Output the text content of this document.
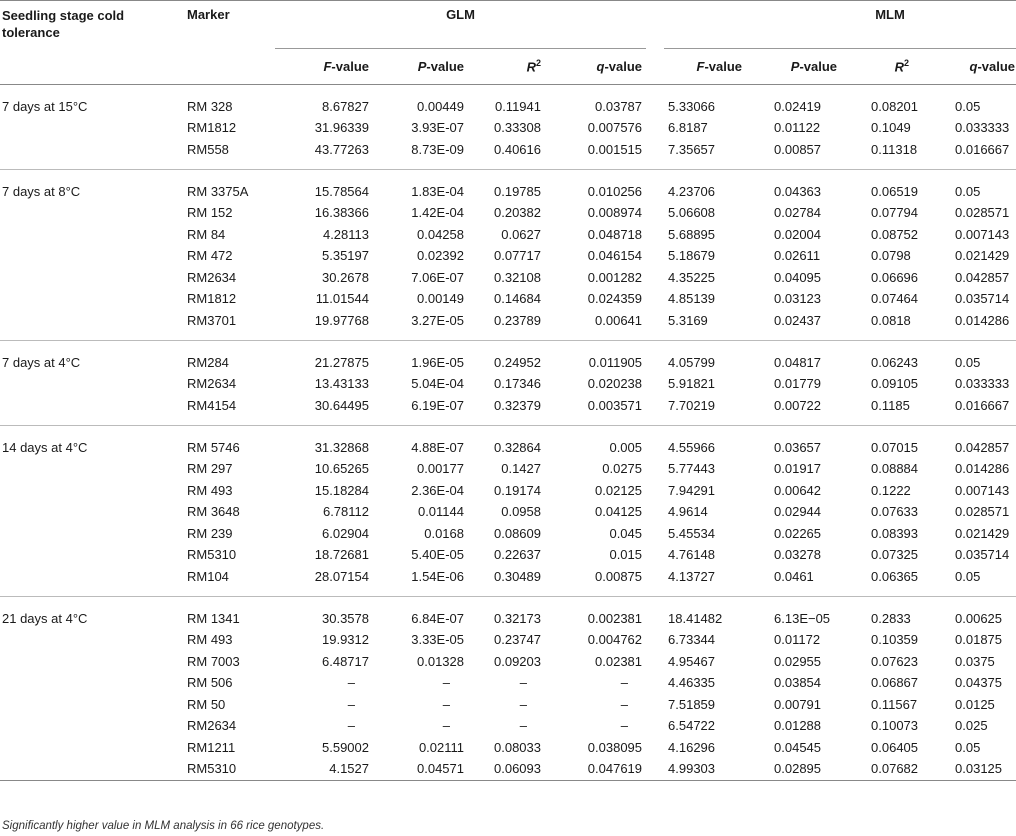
Seedling stage cold tolerance	Marker	GLM					MLM				
		F-value	P-value	$R^2$	q-value		F-value	P-value	$R^2$	q-value	
7 days at 15°C	RM 328	8.67827	0.00449	0.11941	0.03787		5.33066	0.02419	0.08201	0.05	
	RM1812	31.96339	3.93E-07	0.33308	0.007576		6.8187	0.01122	0.1049	0.033333	
	RM558	43.77263	8.73E-09	0.40616	0.001515		7.35657	0.00857	0.11318	0.016667	
7 days at 8°C	RM 3375A	15.78564	1.83E-04	0.19785	0.010256		4.23706	0.04363	0.06519	0.05	
	RM 152	16.38366	1.42E-04	0.20382	0.008974		5.06608	0.02784	0.07794	0.028571	
	RM 84	4.28113	0.04258	0.0627	0.048718		5.68895	0.02004	0.08752	0.007143	
	RM 472	5.35197	0.02392	0.07717	0.046154		5.18679	0.02611	0.0798	0.021429	
	RM2634	30.2678	7.06E-07	0.32108	0.001282		4.35225	0.04095	0.06696	0.042857	
	RM1812	11.01544	0.00149	0.14684	0.024359		4.85139	0.03123	0.07464	0.035714	
	RM3701	19.97768	3.27E-05	0.23789	0.00641		5.3169	0.02437	0.0818	0.014286	
7 days at 4°C	RM284	21.27875	1.96E-05	0.24952	0.011905		4.05799	0.04817	0.06243	0.05	
	RM2634	13.43133	5.04E-04	0.17346	0.020238		5.91821	0.01779	0.09105	0.033333	
	RM4154	30.64495	6.19E-07	0.32379	0.003571		7.70219	0.00722	0.1185	0.016667	
14 days at 4°C	RM 5746	31.32868	4.88E-07	0.32864	0.005		4.55966	0.03657	0.07015	0.042857	
	RM 297	10.65265	0.00177	0.1427	0.0275		5.77443	0.01917	0.08884	0.014286	
	RM 493	15.18284	2.36E-04	0.19174	0.02125		7.94291	0.00642	0.1222	0.007143	
	RM 3648	6.78112	0.01144	0.0958	0.04125		4.9614	0.02944	0.07633	0.028571	
	RM 239	6.02904	0.0168	0.08609	0.045		5.45534	0.02265	0.08393	0.021429	
	RM5310	18.72681	5.40E-05	0.22637	0.015		4.76148	0.03278	0.07325	0.035714	
	RM104	28.07154	1.54E-06	0.30489	0.00875		4.13727	0.0461	0.06365	0.05	
21 days at 4°C	RM 1341	30.3578	6.84E-07	0.32173	0.002381		18.41482	6.13E−05	0.2833	0.00625	
	RM 493	19.9312	3.33E-05	0.23747	0.004762		6.73344	0.01172	0.10359	0.01875	
	RM 7003	6.48717	0.01328	0.09203	0.02381		4.95467	0.02955	0.07623	0.0375	
	RM 506	–	–	–	–		4.46335	0.03854	0.06867	0.04375	
	RM 50	–	–	–	–		7.51859	0.00791	0.11567	0.0125	
	RM2634	–	–	–	–		6.54722	0.01288	0.10073	0.025	
	RM1211	5.59002	0.02111	0.08033	0.038095		4.16296	0.04545	0.06405	0.05	
	RM5310	4.1527	0.04571	0.06093	0.047619		4.99303	0.02895	0.07682	0.03125	
Significantly higher value in MLM analysis in 66 rice genotypes.
